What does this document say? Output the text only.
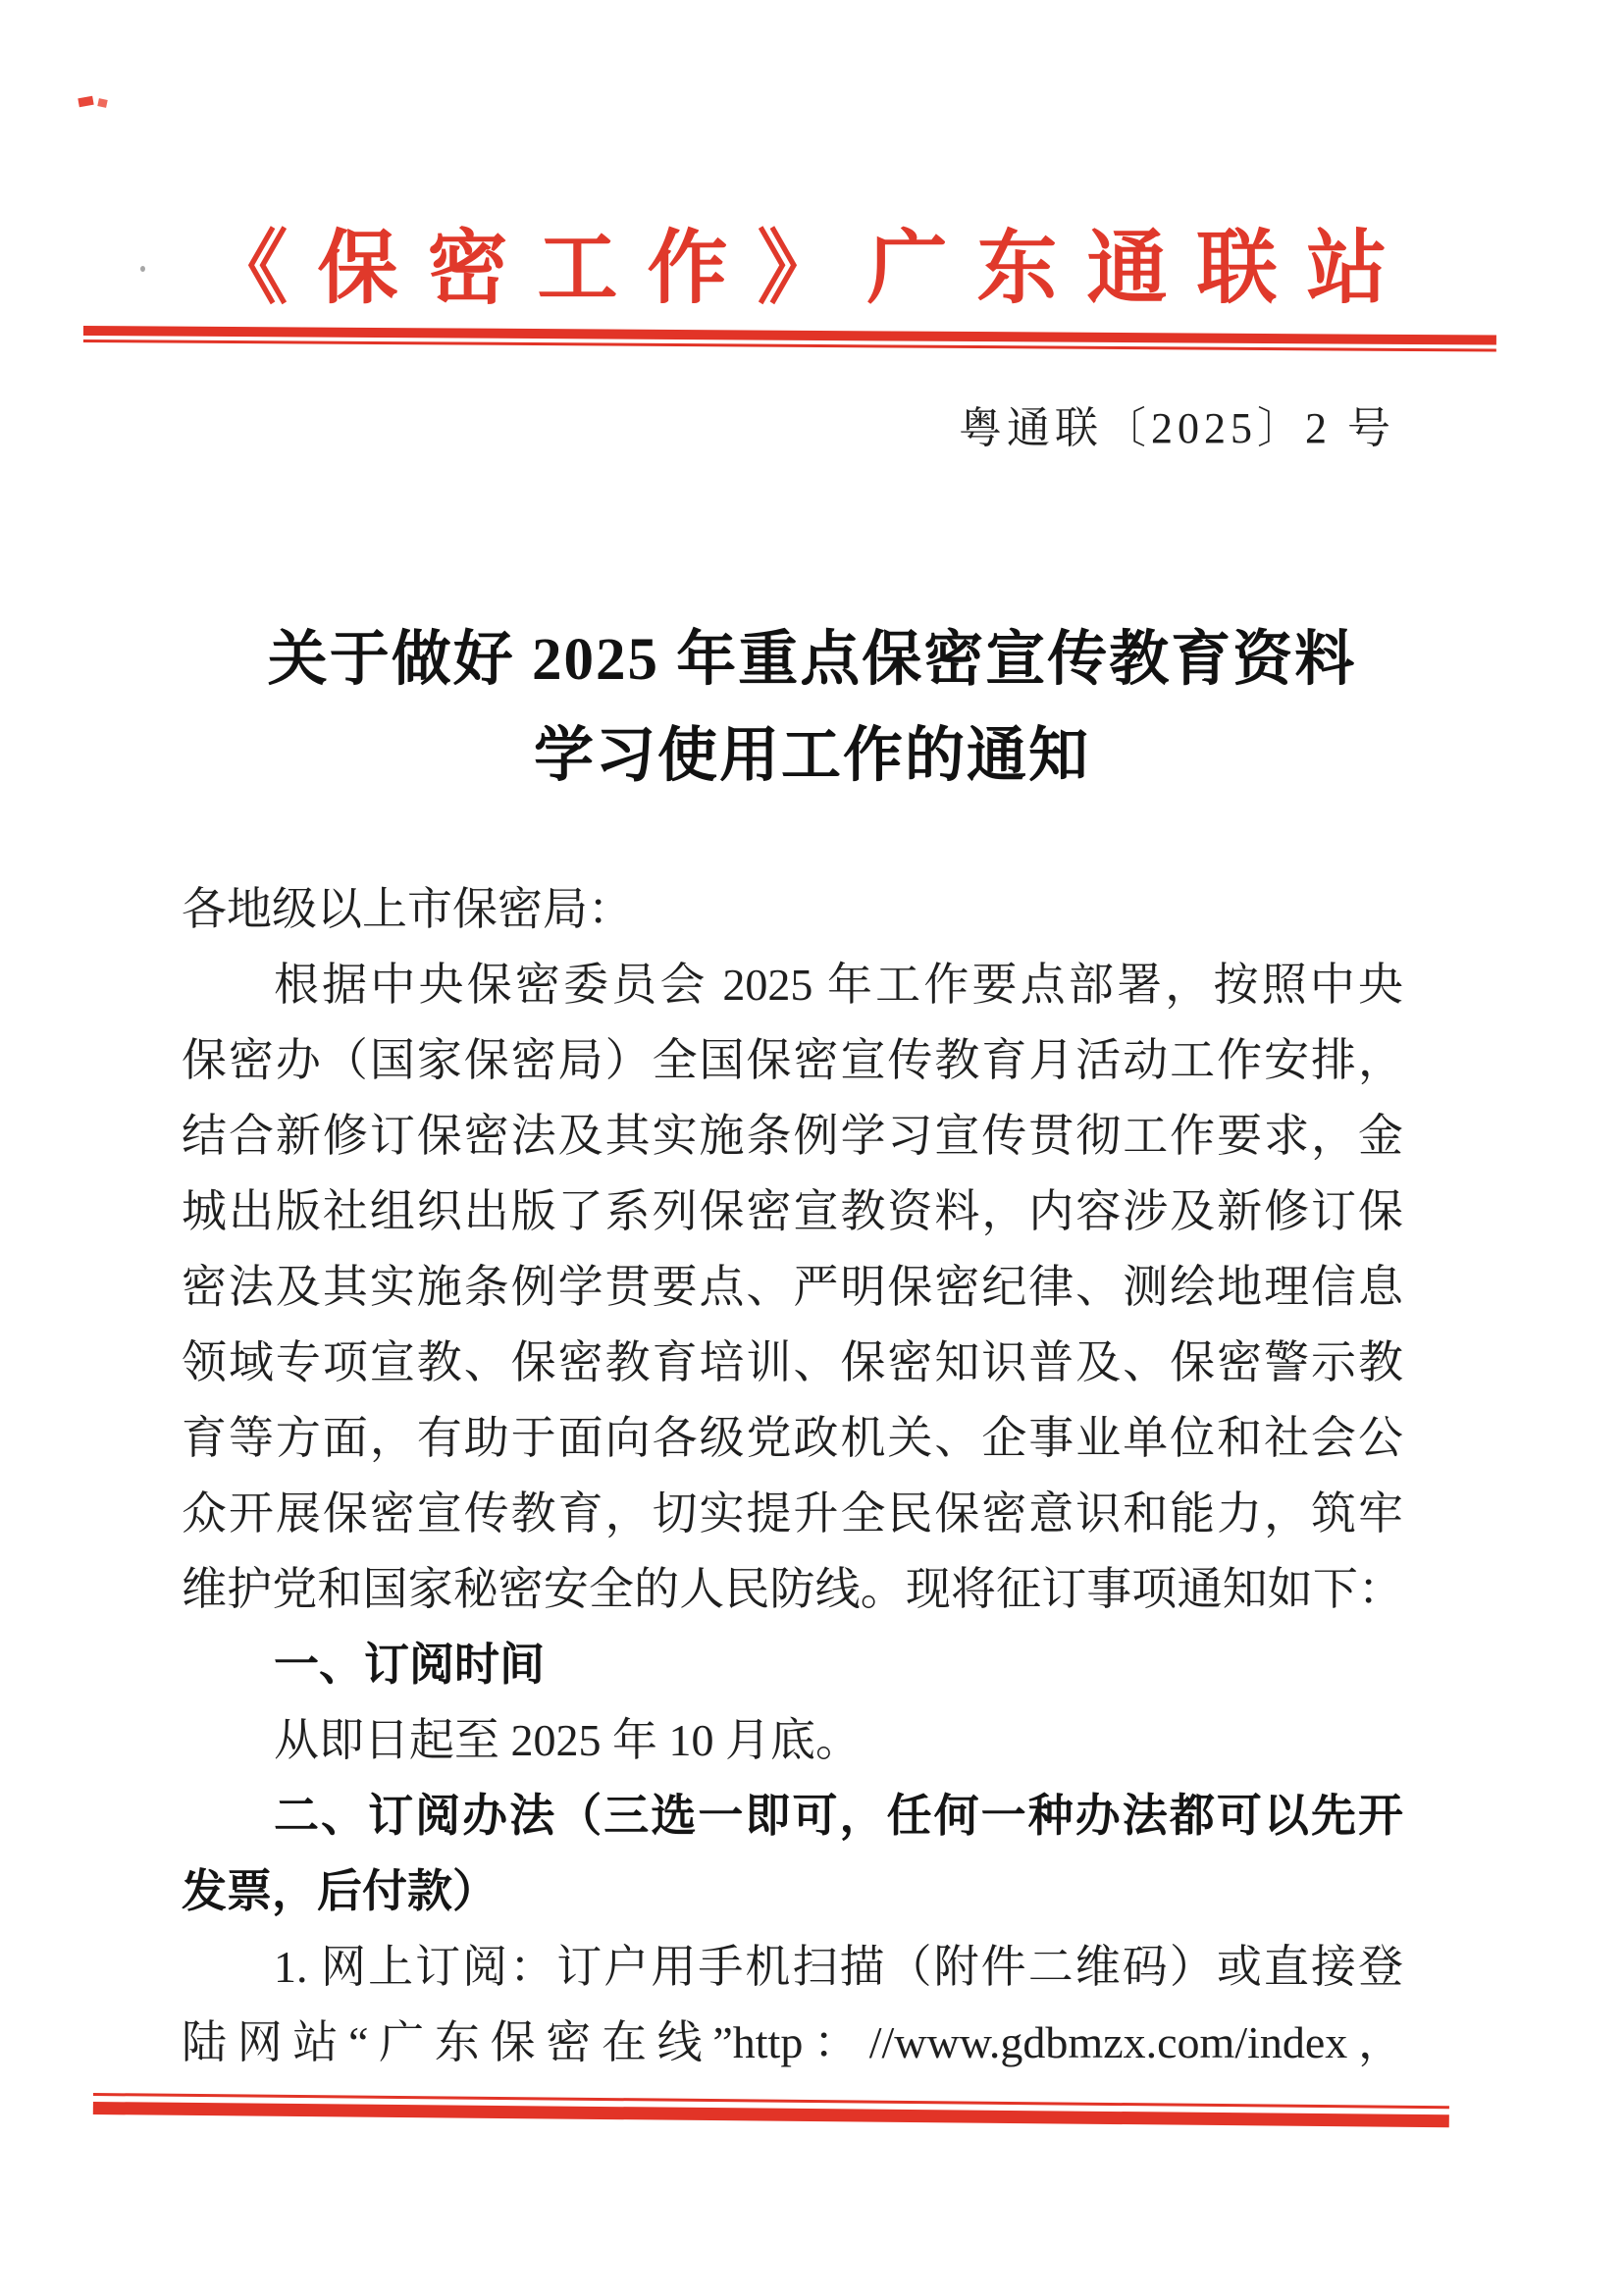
《保密工作》广东通联站
粤通联〔2025〕2 号
关于做好 2025 年重点保密宣传教育资料
学习使用工作的通知
各地级以上市保密局：
根据中央保密委员会 2025 年工作要点部署，按照中央
保密办（国家保密局）全国保密宣传教育月活动工作安排，
结合新修订保密法及其实施条例学习宣传贯彻工作要求，金
城出版社组织出版了系列保密宣教资料，内容涉及新修订保
密法及其实施条例学贯要点、严明保密纪律、测绘地理信息
领域专项宣教、保密教育培训、保密知识普及、保密警示教
育等方面，有助于面向各级党政机关、企事业单位和社会公
众开展保密宣传教育，切实提升全民保密意识和能力，筑牢
维护党和国家秘密安全的人民防线。现将征订事项通知如下：
一、订阅时间
从即日起至 2025 年 10 月底。
二、订阅办法（三选一即可，任何一种办法都可以先开
发票，后付款）
1. 网上订阅：订户用手机扫描（附件二维码）或直接登
陆网站“广东保密在线”http：//www.gdbmzx.com/index，
